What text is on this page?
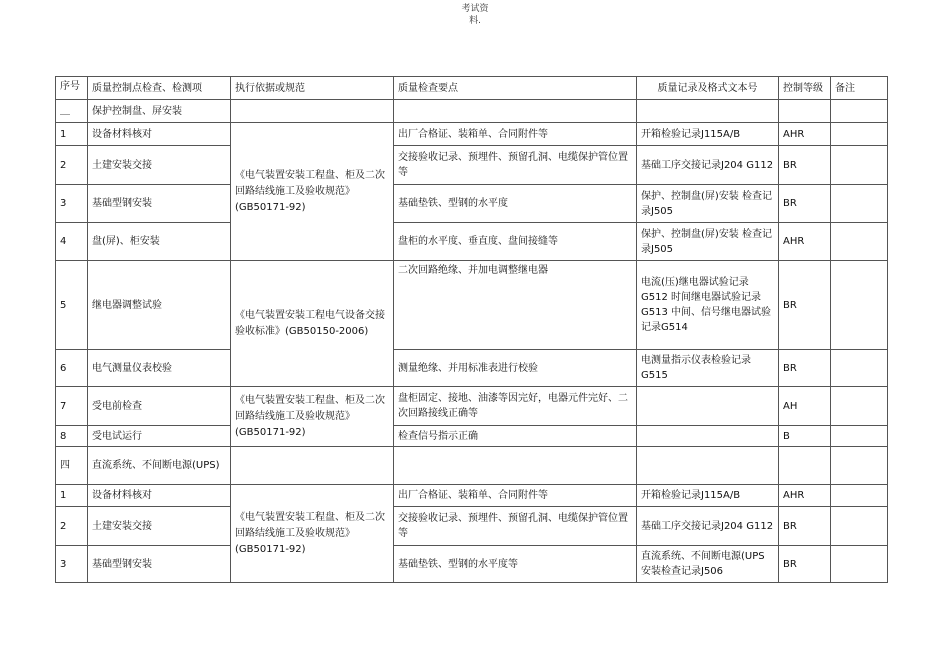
考试资
料.
序号	质量控制点检查、检测项	执行依据或规范	质量检查要点	质量记录及格式文本号	控制等级	备注
＿	保护控制盘、屏安装					
1	设备材料核对	《电气装置安装工程盘、柜及二次回路结线施工及验收规范》(GB50171-92)	出厂合格证、装箱单、合同附件等	开箱检验记录J115A/B	AHR	
2	土建安装交接		交接验收记录、预埋件、预留孔洞、电缆保护管位置等	基础工序交接记录J204 G112	BR	
3	基础型钢安装		基础垫铁、型钢的水平度	保护、控制盘(屏)安装 检查记录J505	BR	
4	盘(屏)、柜安装		盘柜的水平度、垂直度、盘间接缝等	保护、控制盘(屏)安装 检查记录J505	AHR	
5	继电器调整试验	《电气装置安装工程电气设备交接验收标准》(GB50150-2006)	二次回路绝缘、并加电调整继电器	电流(压)继电器试验记录G512 时间继电器试验记录G513 中间、信号继电器试验记录G514	BR	
6	电气测量仪表校验		测量绝缘、并用标准表进行校验	电测量指示仪表检验记录 G515	BR	
7	受电前检查	《电气装置安装工程盘、柜及二次回路结线施工及验收规范》(GB50171-92)	盘柜固定、接地、油漆等因完好，电器元件完好、二次回路接线正确等		AH	
8	受电试运行		检查信号指示正确		B	
四	直流系统、不间断电源(UPS)					
1	设备材料核对	《电气装置安装工程盘、柜及二次回路结线施工及验收规范》(GB50171-92)	出厂合格证、装箱单、合同附件等	开箱检验记录J115A/B	AHR	
2	土建安装交接		交接验收记录、预埋件、预留孔洞、电缆保护管位置等	基础工序交接记录J204 G112	BR	
3	基础型钢安装		基础垫铁、型钢的水平度等	直流系统、不间断电源(UPS安装检查记录J506	BR	
